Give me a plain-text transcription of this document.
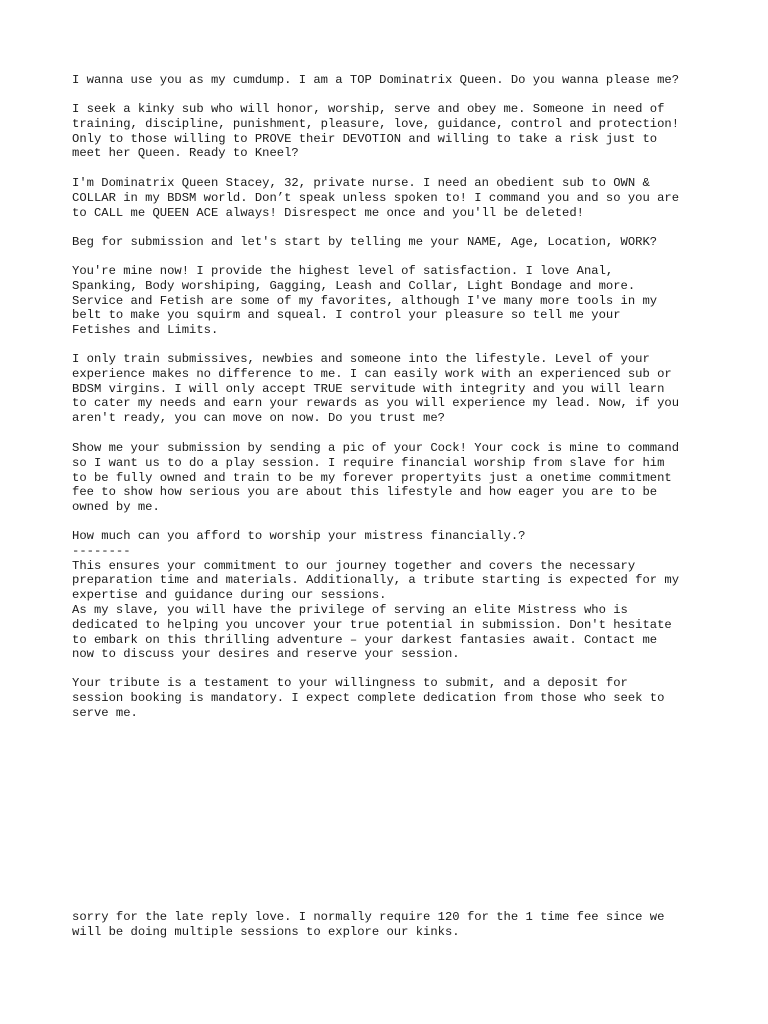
I wanna use you as my cumdump. I am a TOP Dominatrix Queen. Do you wanna please me?
I seek a kinky sub who will honor, worship, serve and obey me. Someone in need of
training, discipline, punishment, pleasure, love, guidance, control and protection!
Only to those willing to PROVE their DEVOTION and willing to take a risk just to
meet her Queen. Ready to Kneel?
I'm Dominatrix Queen Stacey, 32, private nurse. I need an obedient sub to OWN &
COLLAR in my BDSM world. Don’t speak unless spoken to! I command you and so you are
to CALL me QUEEN ACE always! Disrespect me once and you'll be deleted!
Beg for submission and let's start by telling me your NAME, Age, Location, WORK?
You're mine now! I provide the highest level of satisfaction. I love Anal,
Spanking, Body worshiping, Gagging, Leash and Collar, Light Bondage and more.
Service and Fetish are some of my favorites, although I've many more tools in my
belt to make you squirm and squeal. I control your pleasure so tell me your
Fetishes and Limits.
I only train submissives, newbies and someone into the lifestyle. Level of your
experience makes no difference to me. I can easily work with an experienced sub or
BDSM virgins. I will only accept TRUE servitude with integrity and you will learn
to cater my needs and earn your rewards as you will experience my lead. Now, if you
aren't ready, you can move on now. Do you trust me?
Show me your submission by sending a pic of your Cock! Your cock is mine to command
so I want us to do a play session. I require financial worship from slave for him
to be fully owned and train to be my forever propertyits just a onetime commitment
fee to show how serious you are about this lifestyle and how eager you are to be
owned by me.
How much can you afford to worship your mistress financially.?
--------
This ensures your commitment to our journey together and covers the necessary
preparation time and materials. Additionally, a tribute starting is expected for my
expertise and guidance during our sessions.
As my slave, you will have the privilege of serving an elite Mistress who is
dedicated to helping you uncover your true potential in submission. Don't hesitate
to embark on this thrilling adventure – your darkest fantasies await. Contact me
now to discuss your desires and reserve your session.
Your tribute is a testament to your willingness to submit, and a deposit for
session booking is mandatory. I expect complete dedication from those who seek to
serve me.
sorry for the late reply love. I normally require 120 for the 1 time fee since we
will be doing multiple sessions to explore our kinks.
